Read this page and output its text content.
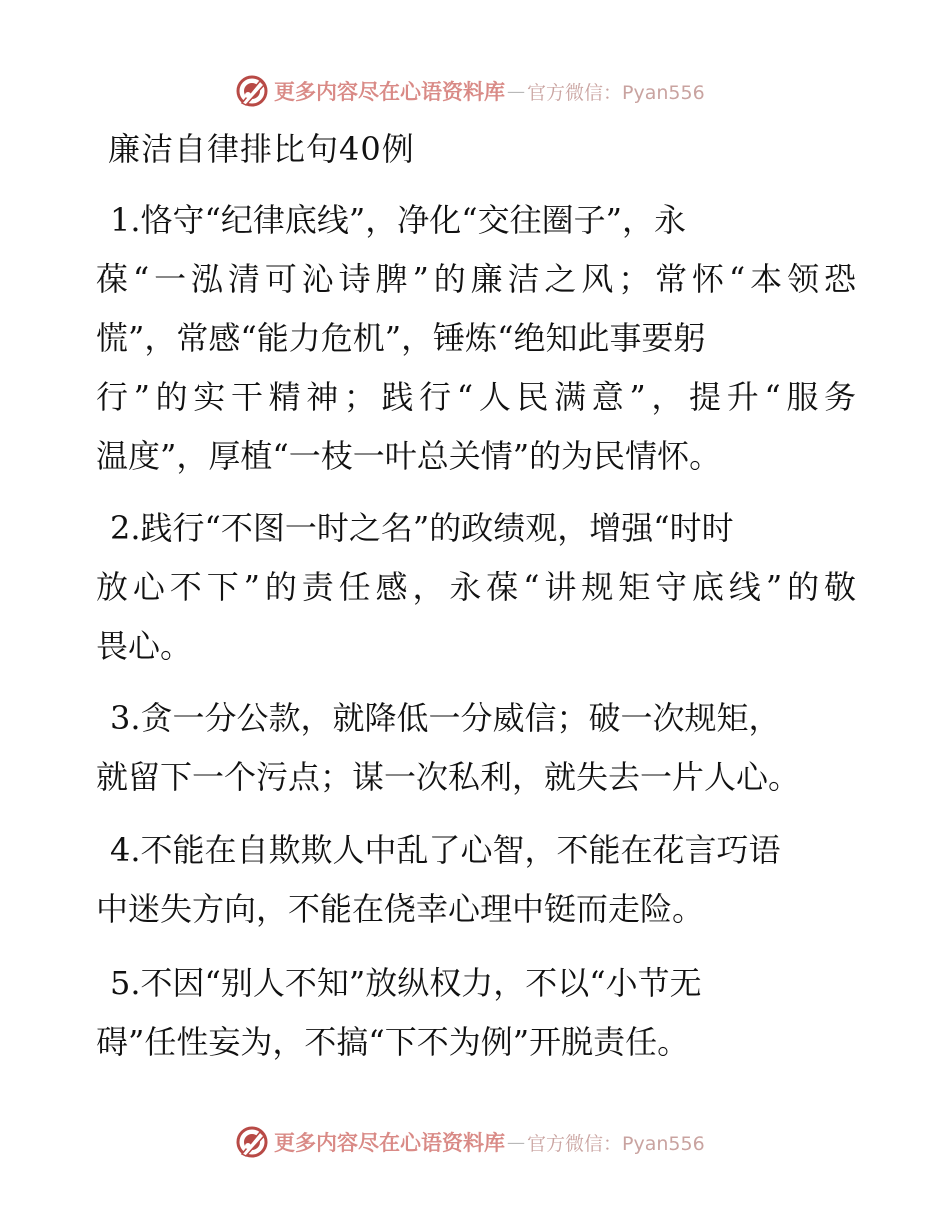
更多内容尽在心语资料库 — 官方微信：Pyan556
廉洁自律排比句40例
1.恪守“纪律底线”，净化“交往圈子”，永
葆“一泓清可沁诗脾”的廉洁之风；常怀“本领恐
慌”，常感“能力危机”，锤炼“绝知此事要躬
行”的实干精神；践行“人民满意”，提升“服务
温度”，厚植“一枝一叶总关情”的为民情怀。
2.践行“不图一时之名”的政绩观，增强“时时
放心不下”的责任感，永葆“讲规矩守底线”的敬
畏心。
3.贪一分公款，就降低一分威信；破一次规矩，
就留下一个污点；谋一次私利，就失去一片人心。
4.不能在自欺欺人中乱了心智，不能在花言巧语
中迷失方向，不能在侥幸心理中铤而走险。
5.不因“别人不知”放纵权力，不以“小节无
碍”任性妄为，不搞“下不为例”开脱责任。
更多内容尽在心语资料库 — 官方微信：Pyan556
